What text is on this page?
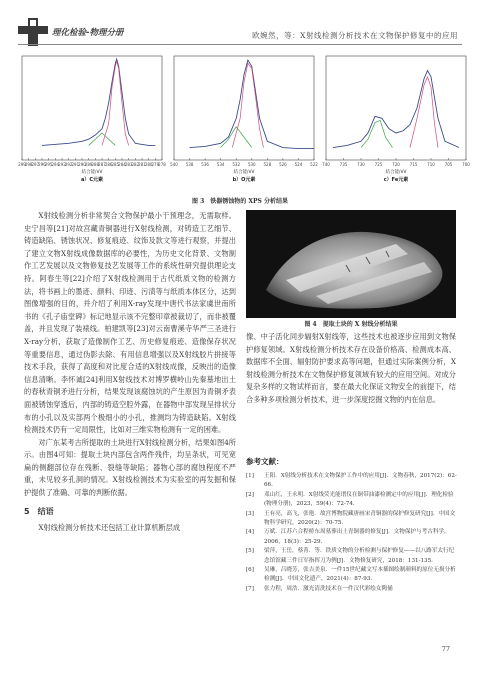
理化检验-物理分册	欧婉然，等：X射线检测分析技术在文物保护修复中的应用
278
279
280
281
282
283
284
285
286
287
288
289
290
291
292
293
294
295
296
297
298
299
结合能/eV
a）C元素
522
524
526
528
530
532
534
536
538
540
结合能/eV
b）O元素
700
705
710
715
720
725
730
735
740
结合能/eV
c）Fe元素
图 3　铁器锈蚀物的 XPS 分析结果

X射线检测分析非常契合文物保护最小干预理念，无需取样。史宁昌等[21]对故宫藏青铜器进行X射线检测，对铸造工艺细节、铸造缺陷、锈蚀状况、修复痕迹、纹饰及款文等进行观察，并提出了建立文物X射线成像数据库的必要性，为历史文化背景、文物制作工艺发展以及文物修复技艺发展等工作的系统性研究提供理论支持。阿春生等[22]介绍了X射线检测用于古代纸质文物的检测方法，将书画上的墨迹、颜料、印迹、污渍等与纸质本体区分，达到图像增强的目的，并介绍了利用X-ray发现中唐代书法家虞世南所书的《孔子庙堂碑》标记地显示该不完整印章被裁切了，而非被覆盖，并且发现了装裱线。柏建凯等[23]对云南曹溪寺华严三圣进行X-ray分析，获取了造像制作工艺、历史修复痕迹、造像保存状况等重要信息，通过伪影去除、有用信息增强以及X射线胶片拼接等技术手段，获得了高度和对比度合适的X射线成像，反映出的造像信息清晰。李怀诚[24]利用X射线技术对博罗横岭山先秦墓地出土的春秋青铜矛进行分析，结果发现该腐蚀坑的产生原因为青铜矛表面被锈蚀穿透后，内部的铸造空腔外露，在器物中部发现呈排状分布的小孔以及实部两个极细小的小孔，推测均为铸造缺陷。X射线检测技术仍有一定局限性，比如对三维实物检测有一定的困难。

对广东某考古所提取的土块进行X射线检测分析，结果如图4所示。由图4可知：提取土块内部包含两件残件，均呈条状，可见宽扁的侧翻部位存在残断、裂缝等缺陷；器物心部的腐蚀程度不严重，未见较多孔洞的情况。X射线检测技术为实验室的再发掘和保护提供了准确、可靠的判断依据。

5　结语

X射线检测分析技术还包括工业计算机断层成

图 4　提取土块的 X 射线分析结果

像、中子活化同步辐射X射线等，这些技术也被逐步应用到文物保护修复领域。X射线检测分析技术存在设备价格高、检测成本高、数据库不全面、辐射防护要求高等问题，但通过实际案例分析，X射线检测分析技术在文物保护修复领域有较大的应用空间。对成分复杂多样的文物试样而言，要在最大化保证文物安全的前提下，结合多种多项检测分析技术，进一步深度挖掘文物的内在信息。

参考文献：
[1]	王阳．X射线分析技术在文物保护工作中的应用[J]．文物春秋，2017(2)：62-66.
[2]	邓山红，王永明．X射线荧光能谱仪在铜带油漆检测定中的应用[J]．理化检验(物理分册)，2023，59(4)：72-74.
[3]	王有亮，高飞，张艳．故宫博物院藏唐画宋青铜器的保护修复研究[J]．中国文物科学研究，2020(2)：70-75.
[4]	万斌．江苏六合程桥东周墓葬出土青铜器的修复[J]．文物保护与考古科学，2006，18(3)：25-29.
[5]	梁萍，王岳，蔡菁．等．铁质文物的分析检测与保护修复——以八路军太行纪念馆馆藏三件日军指挥刀为例[J]．文物修复研究，2018：131-135.
[6]	吴琳，吕晓芳，张吉美泉．一件15世纪藏文写本插图绘制颜料的原位无损分析检测[J]．中国文化遗产，2021(4)：87-93.
[7]	张力程，周浩．激光清洗技术在一件汉代彩绘女陶俑
77
